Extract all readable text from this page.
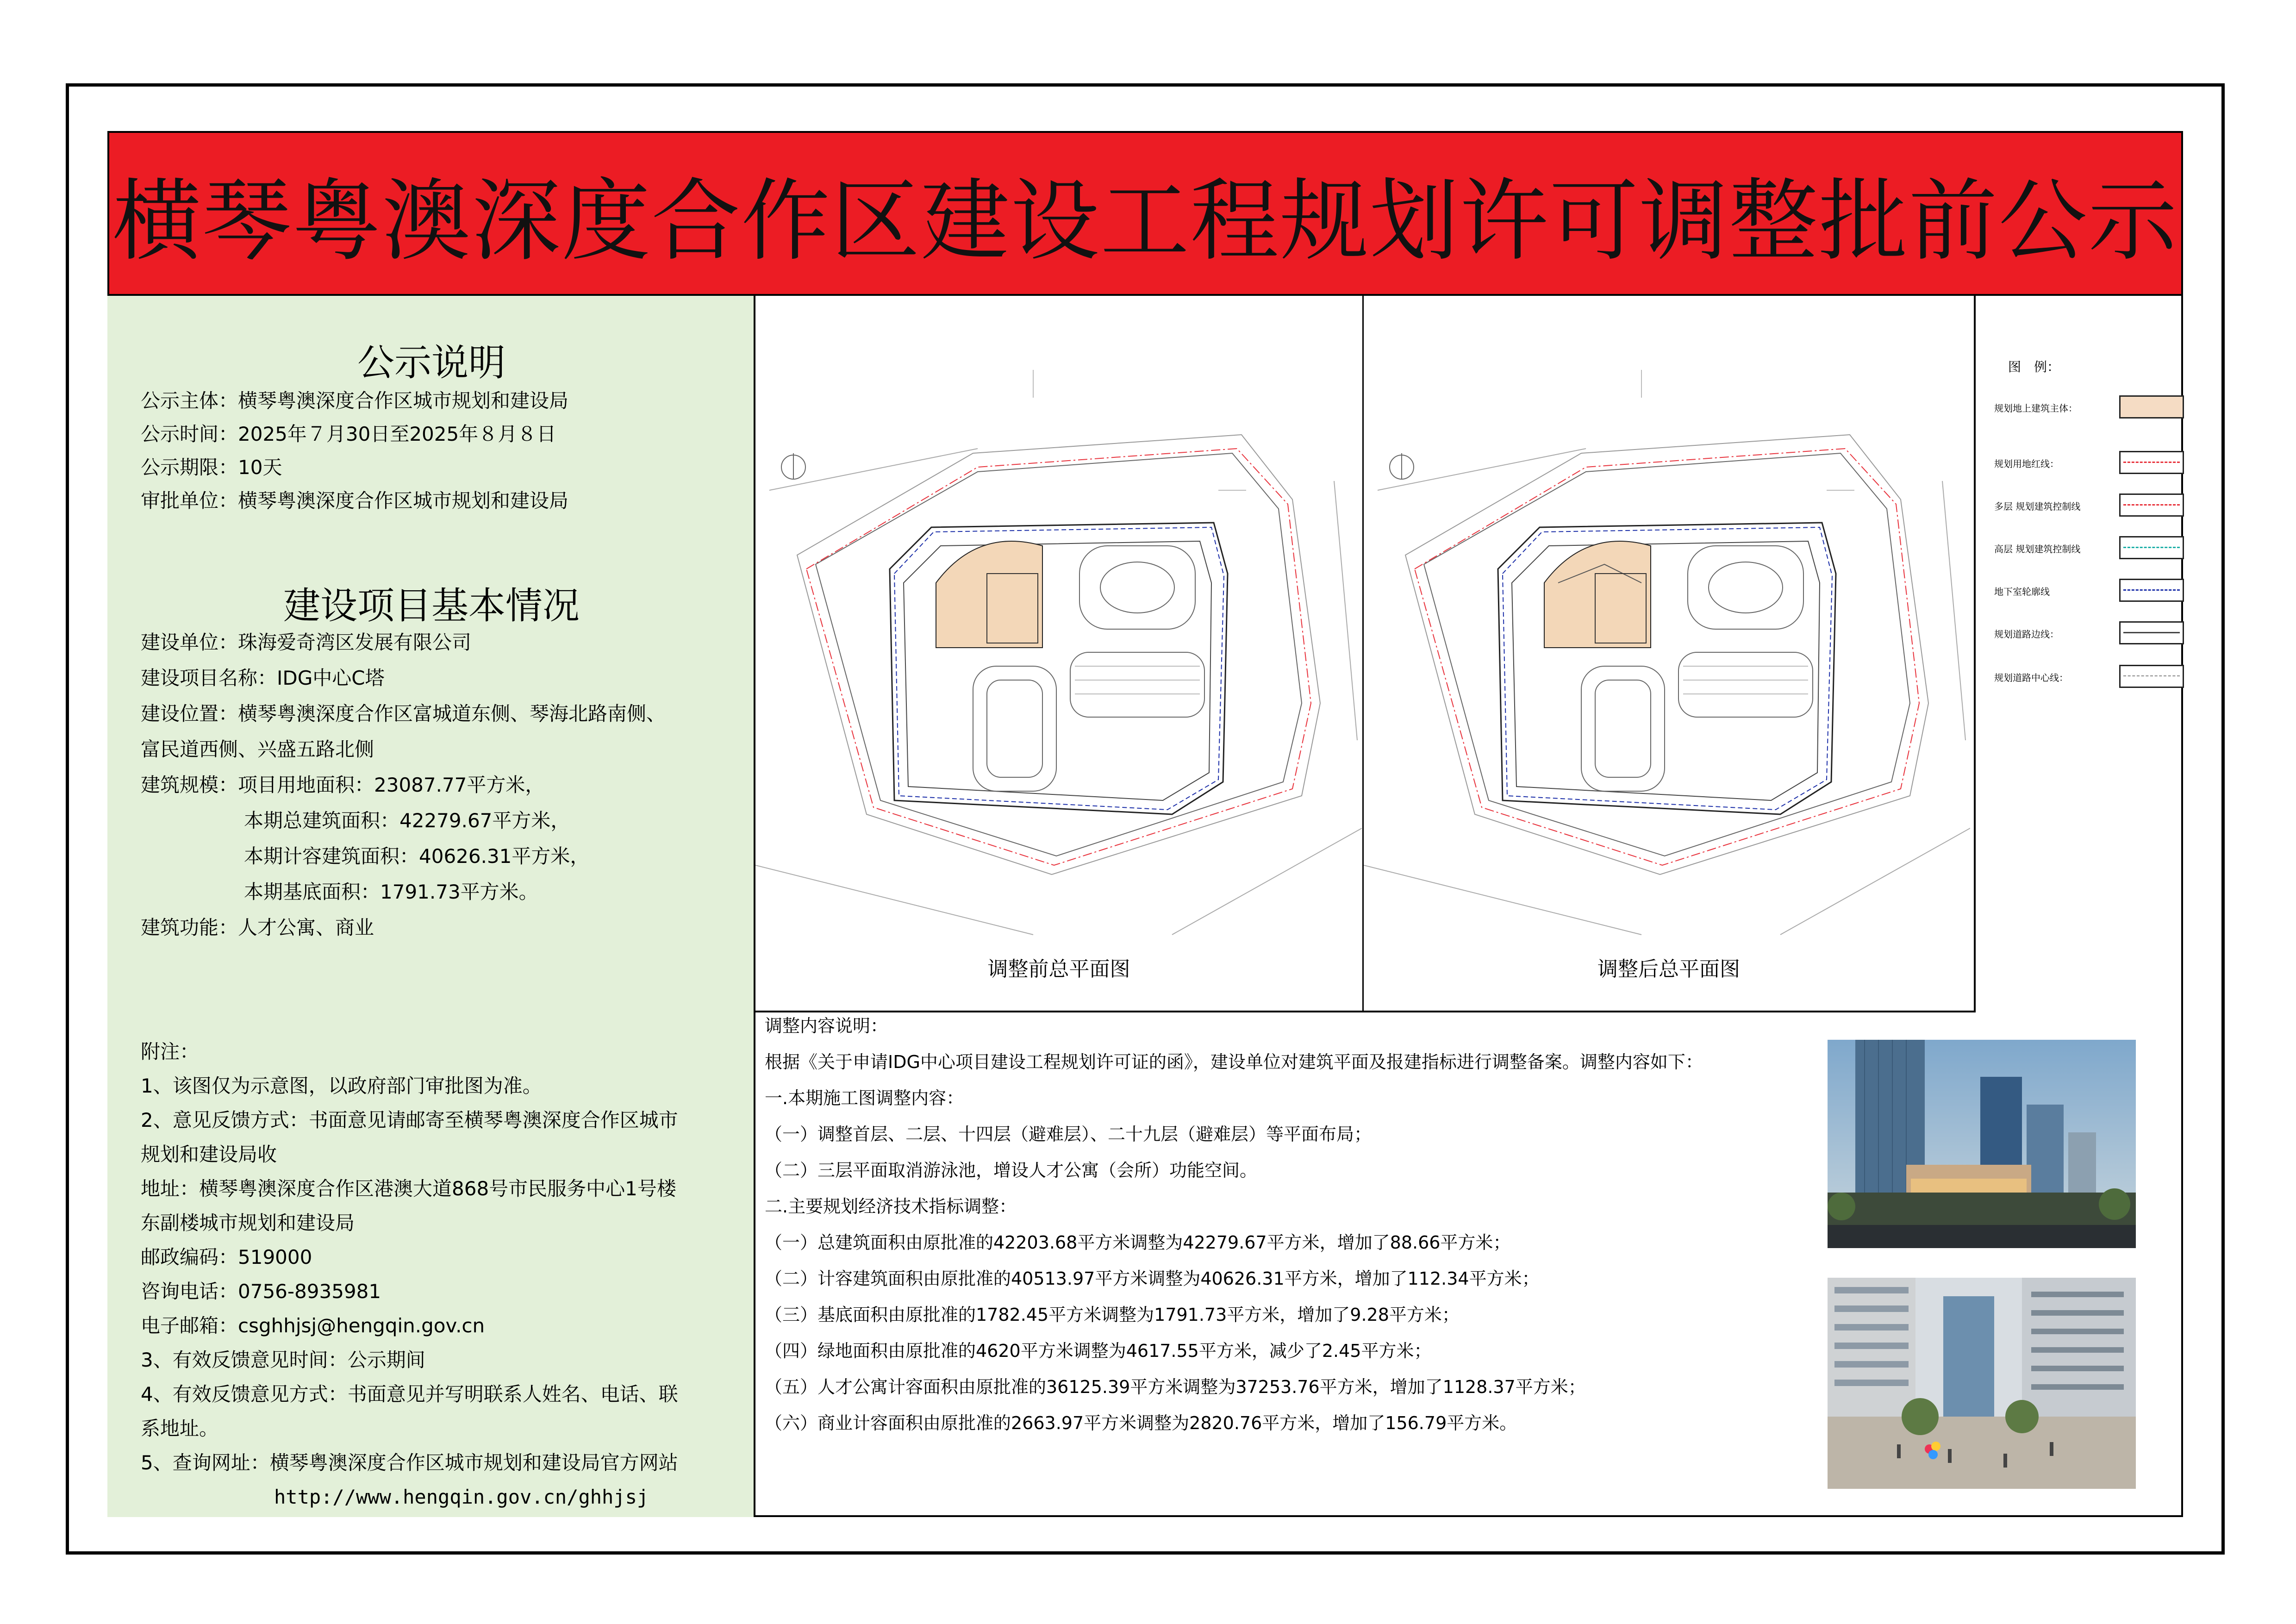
横琴粤澳深度合作区建设工程规划许可调整批前公示
公示说明
公示主体：横琴粤澳深度合作区城市规划和建设局
公示时间：2025年７月30日至2025年８月８日
公示期限：10天
审批单位：横琴粤澳深度合作区城市规划和建设局
建设项目基本情况
建设单位：珠海爱奇湾区发展有限公司
建设项目名称：IDG中心C塔
建设位置：横琴粤澳深度合作区富城道东侧、琴海北路南侧、
富民道西侧、兴盛五路北侧
建筑规模：项目用地面积：23087.77平方米，
本期总建筑面积：42279.67平方米，
本期计容建筑面积：40626.31平方米，
本期基底面积：1791.73平方米。
建筑功能：人才公寓、商业
附注：
1、该图仅为示意图，以政府部门审批图为准。
2、意见反馈方式：书面意见请邮寄至横琴粤澳深度合作区城市
规划和建设局收
地址：横琴粤澳深度合作区港澳大道868号市民服务中心1号楼
东副楼城市规划和建设局
邮政编码：519000
咨询电话：0756-8935981
电子邮箱：csghhjsj@hengqin.gov.cn
3、有效反馈意见时间：公示期间
4、有效反馈意见方式：书面意见并写明联系人姓名、电话、联
系地址。
5、查询网址：横琴粤澳深度合作区城市规划和建设局官方网站
http://www.hengqin.gov.cn/ghhjsj
调整前总平面图	调整后总平面图
图　例：
规划地上建筑主体：
规划用地红线：
多层 规划建筑控制线
高层 规划建筑控制线
地下室轮廓线
规划道路边线：
规划道路中心线：
调整内容说明：
根据《关于申请IDG中心项目建设工程规划许可证的函》，建设单位对建筑平面及报建指标进行调整备案。调整内容如下：
一.本期施工图调整内容：
（一）调整首层、二层、十四层（避难层）、二十九层（避难层）等平面布局；
（二）三层平面取消游泳池，增设人才公寓（会所）功能空间。
二.主要规划经济技术指标调整：
（一）总建筑面积由原批准的42203.68平方米调整为42279.67平方米，增加了88.66平方米；
（二）计容建筑面积由原批准的40513.97平方米调整为40626.31平方米，增加了112.34平方米；
（三）基底面积由原批准的1782.45平方米调整为1791.73平方米，增加了9.28平方米；
（四）绿地面积由原批准的4620平方米调整为4617.55平方米，减少了2.45平方米；
（五）人才公寓计容面积由原批准的36125.39平方米调整为37253.76平方米，增加了1128.37平方米；
（六）商业计容面积由原批准的2663.97平方米调整为2820.76平方米，增加了156.79平方米。
